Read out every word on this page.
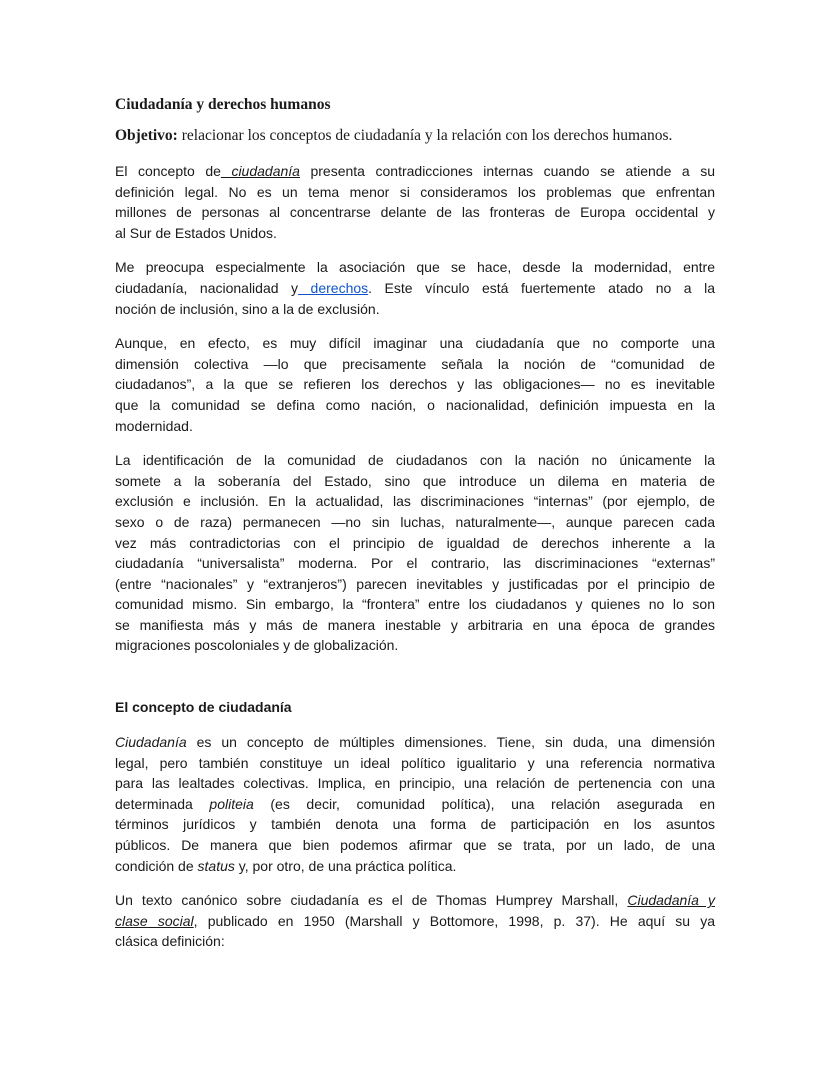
Ciudadanía y derechos humanos
Objetivo: relacionar los conceptos de ciudadanía y la relación con los derechos humanos.
El concepto de ciudadanía presenta contradicciones internas cuando se atiende a su
definición legal. No es un tema menor si consideramos los problemas que enfrentan
millones de personas al concentrarse delante de las fronteras de Europa occidental y
al Sur de Estados Unidos.
Me preocupa especialmente la asociación que se hace, desde la modernidad, entre
ciudadanía, nacionalidad y derechos. Este vínculo está fuertemente atado no a la
noción de inclusión, sino a la de exclusión.
Aunque, en efecto, es muy difícil imaginar una ciudadanía que no comporte una
dimensión colectiva —lo que precisamente señala la noción de “comunidad de
ciudadanos”, a la que se refieren los derechos y las obligaciones— no es inevitable
que la comunidad se defina como nación, o nacionalidad, definición impuesta en la
modernidad.
La identificación de la comunidad de ciudadanos con la nación no únicamente la
somete a la soberanía del Estado, sino que introduce un dilema en materia de
exclusión e inclusión. En la actualidad, las discriminaciones “internas” (por ejemplo, de
sexo o de raza) permanecen —no sin luchas, naturalmente—, aunque parecen cada
vez más contradictorias con el principio de igualdad de derechos inherente a la
ciudadanía “universalista” moderna. Por el contrario, las discriminaciones “externas”
(entre “nacionales” y “extranjeros”) parecen inevitables y justificadas por el principio de
comunidad mismo. Sin embargo, la “frontera” entre los ciudadanos y quienes no lo son
se manifiesta más y más de manera inestable y arbitraria en una época de grandes
migraciones poscoloniales y de globalización.
El concepto de ciudadanía
Ciudadanía es un concepto de múltiples dimensiones. Tiene, sin duda, una dimensión
legal, pero también constituye un ideal político igualitario y una referencia normativa
para las lealtades colectivas. Implica, en principio, una relación de pertenencia con una
determinada politeia (es decir, comunidad política), una relación asegurada en
términos jurídicos y también denota una forma de participación en los asuntos
públicos. De manera que bien podemos afirmar que se trata, por un lado, de una
condición de status y, por otro, de una práctica política.
Un texto canónico sobre ciudadanía es el de Thomas Humprey Marshall, Ciudadanía y
clase social, publicado en 1950 (Marshall y Bottomore, 1998, p. 37). He aquí su ya
clásica definición:
